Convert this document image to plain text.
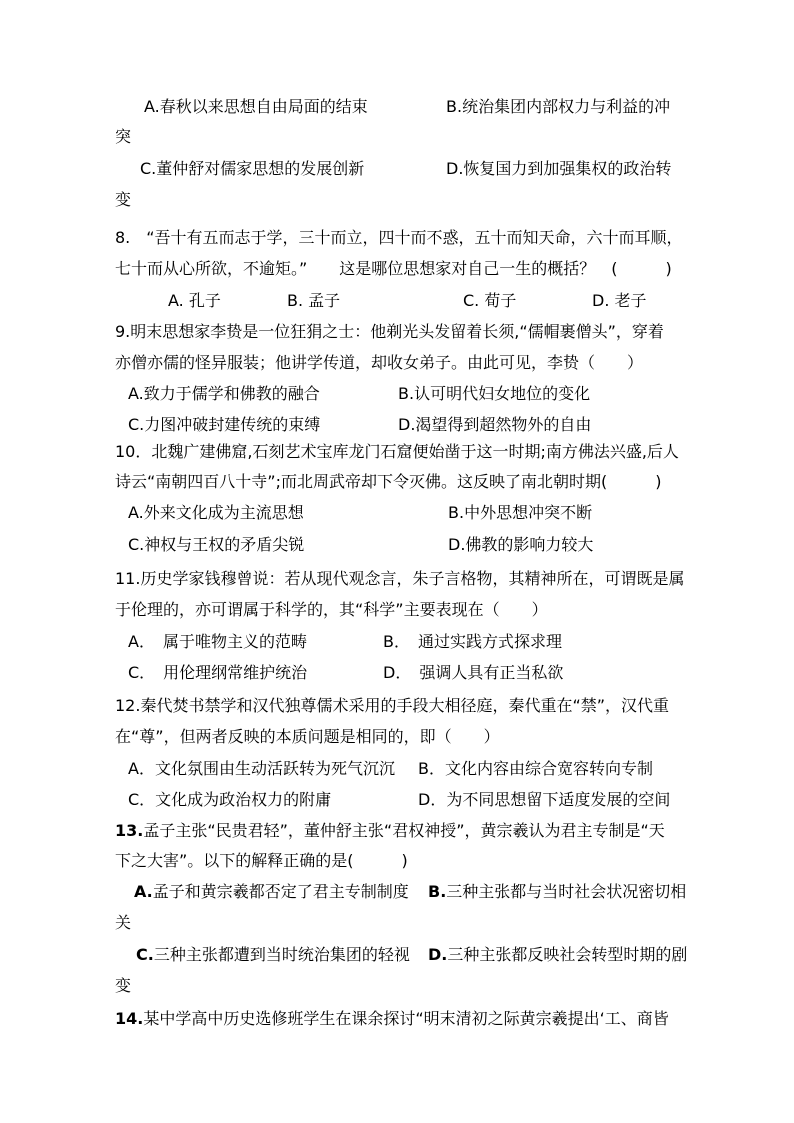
A.春秋以来思想自由局面的结束	B.统治集团内部权力与利益的冲
突
C.董仲舒对儒家思想的发展创新	D.恢复国力到加强集权的政治转
变
8.　“吾十有五而志于学，三十而立，四十而不惑，五十而知天命，六十而耳顺，
七十而从心所欲，不逾矩。”　　这是哪位思想家对自己一生的概括？　(　　　)
A. 孔子	B. 孟子	C. 荀子	D. 老子
9.明末思想家李贽是一位狂狷之士：他剃光头发留着长须,“儒帽裹僧头”，穿着
亦僧亦儒的怪异服装；他讲学传道，却收女弟子。由此可见，李贽（　　）
A.致力于儒学和佛教的融合	B.认可明代妇女地位的变化
C.力图冲破封建传统的束缚	D.渴望得到超然物外的自由
10．北魏广建佛窟,石刻艺术宝库龙门石窟便始凿于这一时期;南方佛法兴盛,后人
诗云“南朝四百八十寺”;而北周武帝却下令灭佛。这反映了南北朝时期(　　　)
A.外来文化成为主流思想	B.中外思想冲突不断
C.神权与王权的矛盾尖锐	D.佛教的影响力较大
11.历史学家钱穆曾说：若从现代观念言，朱子言格物，其精神所在，可谓既是属
于伦理的，亦可谓属于科学的，其“科学”主要表现在（　　）
A．　属于唯物主义的范畴	B．　通过实践方式探求理
C．　用伦理纲常维护统治	D．　强调人具有正当私欲
12.秦代焚书禁学和汉代独尊儒术采用的手段大相径庭，秦代重在“禁”，汉代重
在“尊”，但两者反映的本质问题是相同的，即（　　）
A．文化氛围由生动活跃转为死气沉沉 B．文化内容由综合宽容转向专制
C．文化成为政治权力的附庸	D．为不同思想留下适度发展的空间
13.孟子主张“民贵君轻”，董仲舒主张“君权神授”，黄宗羲认为君主专制是“天
下之大害”。以下的解释正确的是(　　　)
A.孟子和黄宗羲都否定了君主专制制度 B.三种主张都与当时社会状况密切相
关
C.三种主张都遭到当时统治集团的轻视 D.三种主张都反映社会转型时期的剧
变
14.某中学高中历史选修班学生在课余探讨“明末清初之际黄宗羲提出‘工、商皆
